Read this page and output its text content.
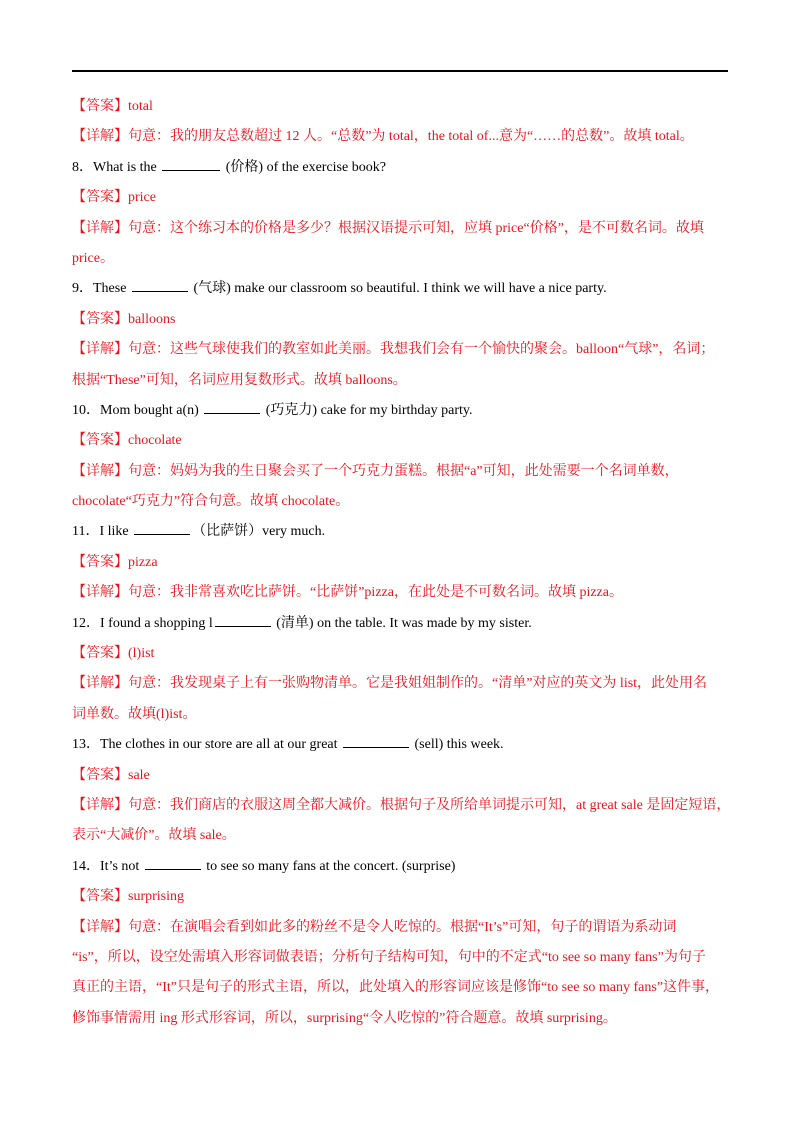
【答案】total
【详解】句意：我的朋友总数超过 12 人。“总数”为 total，the total of...意为“……的总数”。故填 total。
8．What is the	(价格) of the exercise book?
【答案】price
【详解】句意：这个练习本的价格是多少？根据汉语提示可知，应填 price“价格”，是不可数名词。故填
price。
9．These	(气球) make our classroom so beautiful. I think we will have a nice party.
【答案】balloons
【详解】句意：这些气球使我们的教室如此美丽。我想我们会有一个愉快的聚会。balloon“气球”，名词；
根据“These”可知，名词应用复数形式。故填 balloons。
10．Mom bought a(n)	(巧克力) cake for my birthday party.
【答案】chocolate
【详解】句意：妈妈为我的生日聚会买了一个巧克力蛋糕。根据“a”可知，此处需要一个名词单数，
chocolate“巧克力”符合句意。故填 chocolate。
11．I like	（比萨饼）very much.
【答案】pizza
【详解】句意：我非常喜欢吃比萨饼。“比萨饼”pizza，在此处是不可数名词。故填 pizza。
12．I found a shopping l	(清单) on the table. It was made by my sister.
【答案】(l)ist
【详解】句意：我发现桌子上有一张购物清单。它是我姐姐制作的。“清单”对应的英文为 list，此处用名
词单数。故填(l)ist。
13．The clothes in our store are all at our great	(sell) this week.
【答案】sale
【详解】句意：我们商店的衣服这周全都大减价。根据句子及所给单词提示可知，at great sale 是固定短语，
表示“大减价”。故填 sale。
14．It’s not	to see so many fans at the concert. (surprise)
【答案】surprising
【详解】句意：在演唱会看到如此多的粉丝不是令人吃惊的。根据“It’s”可知，句子的谓语为系动词
“is”，所以，设空处需填入形容词做表语；分析句子结构可知，句中的不定式“to see so many fans”为句子
真正的主语，“It”只是句子的形式主语，所以，此处填入的形容词应该是修饰“to see so many fans”这件事，
修饰事情需用 ing 形式形容词，所以，surprising“令人吃惊的”符合题意。故填 surprising。
